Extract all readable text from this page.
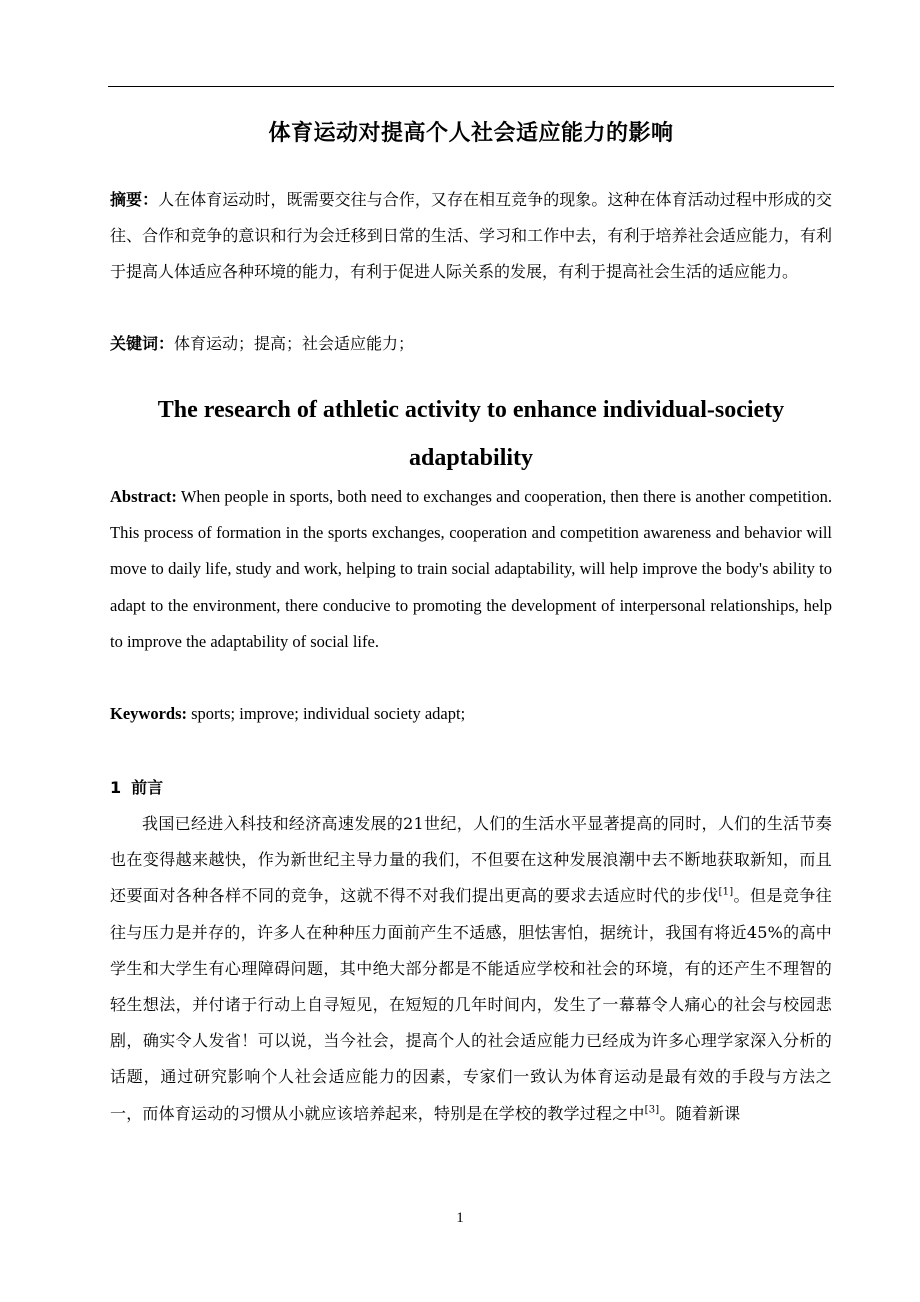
体育运动对提高个人社会适应能力的影响
摘要：人在体育运动时，既需要交往与合作，又存在相互竞争的现象。这种在体育活动过程中形成的交往、合作和竞争的意识和行为会迁移到日常的生活、学习和工作中去，有利于培养社会适应能力，有利于提高人体适应各种环境的能力，有利于促进人际关系的发展，有利于提高社会生活的适应能力。
关键词：体育运动；提高；社会适应能力；
The research of athletic activity to enhance individual-society
adaptability
Abstract: When people in sports, both need to exchanges and cooperation, then there is another competition. This process of formation in the sports exchanges, cooperation and competition awareness and behavior will move to daily life, study and work, helping to train social adaptability, will help improve the body's ability to adapt to the environment, there conducive to promoting the development of interpersonal relationships, help to improve the adaptability of social life.
Keywords: sports; improve; individual society adapt;
1 前言
我国已经进入科技和经济高速发展的21世纪，人们的生活水平显著提高的同时，人们的生活节奏也在变得越来越快，作为新世纪主导力量的我们，不但要在这种发展浪潮中去不断地获取新知，而且还要面对各种各样不同的竞争，这就不得不对我们提出更高的要求去适应时代的步伐[1]。但是竞争往往与压力是并存的，许多人在种种压力面前产生不适感，胆怯害怕，据统计，我国有将近45%的高中学生和大学生有心理障碍问题，其中绝大部分都是不能适应学校和社会的环境，有的还产生不理智的轻生想法，并付诸于行动上自寻短见，在短短的几年时间内，发生了一幕幕令人痛心的社会与校园悲剧，确实令人发省！可以说，当今社会，提高个人的社会适应能力已经成为许多心理学家深入分析的话题，通过研究影响个人社会适应能力的因素，专家们一致认为体育运动是最有效的手段与方法之一，而体育运动的习惯从小就应该培养起来，特别是在学校的教学过程之中[3]。随着新课
1
